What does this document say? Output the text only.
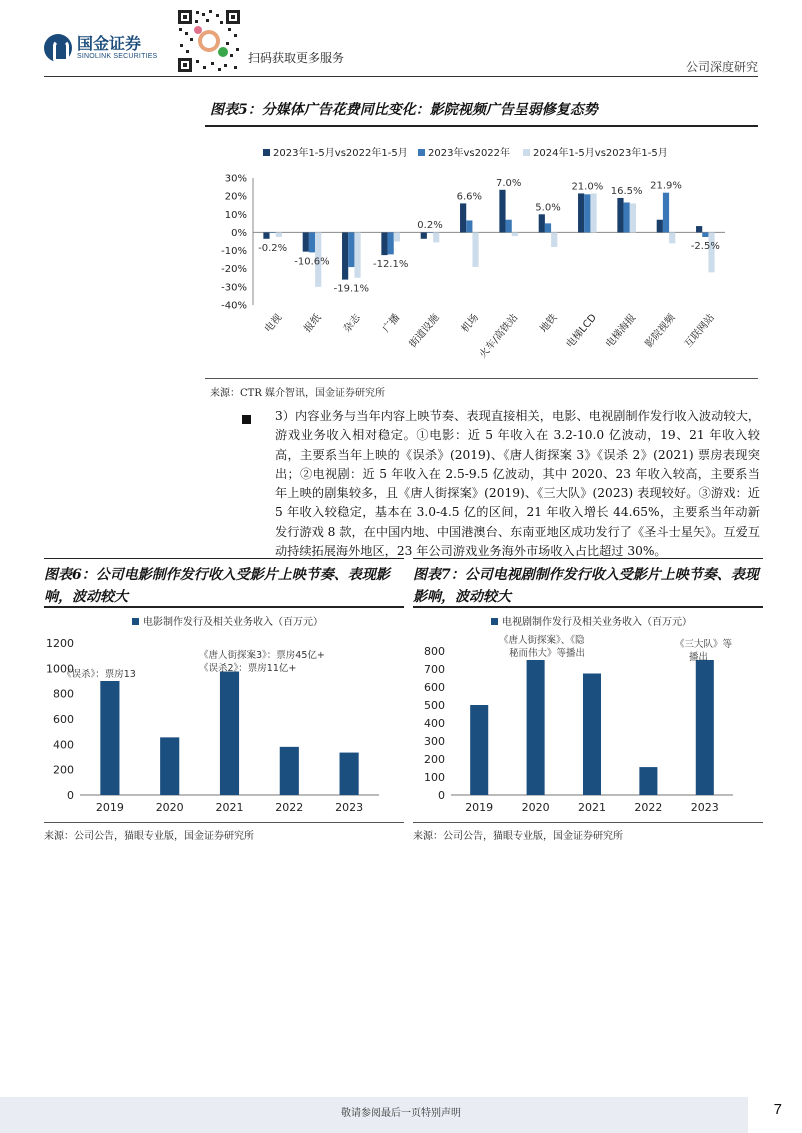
国金证券
SINOLINK SECURITIES	扫码获取更多服务
公司深度研究
图表5：分媒体广告花费同比变化：影院视频广告呈弱修复态势
2023年1-5月vs2022年1-5月 2023年vs2022年 2024年1-5月vs2023年1-5月
30%
20%
10%
0%
-10%
-20%
-30%
-40%
-0.2%
电视
-10.6%
报纸
-19.1%
杂志
-12.1%
广播
0.2%
街道设施
6.6%
机场
7.0%
火车/高铁站
5.0%
地铁
21.0%
电梯LCD
16.5%
电梯海报
21.9%
影院视频
-2.5%
互联网站
来源：CTR 媒介智讯，国金证券研究所
3）内容业务与当年内容上映节奏、表现直接相关，电影、电视剧制作发行收入波动较大，游戏业务收入相对稳定。①电影：近 5 年收入在 3.2-10.0 亿波动，19、21 年收入较高，主要系当年上映的《误杀》(2019)、《唐人街探案 3》《误杀 2》(2021) 票房表现突出；②电视剧：近 5 年收入在 2.5-9.5 亿波动，其中 2020、23 年收入较高，主要系当年上映的剧集较多，且《唐人街探案》(2019)、《三大队》(2023) 表现较好。③游戏：近 5 年收入较稳定，基本在 3.0-4.5 亿的区间，21 年收入增长 44.65%，主要系当年动新发行游戏 8 款，在中国内地、中国港澳台、东南亚地区成功发行了《圣斗士星矢》。互爱互动持续拓展海外地区，23 年公司游戏业务海外市场收入占比超过 30%。
图表6：公司电影制作发行收入受影片上映节奏、表现影响，波动较大
电影制作发行及相关业务收入（百万元）
0
200
400
600
800
1000
1200
2019	2020	2021	2022	2023
《误杀》：票房13
《唐人街探案3》：票房45亿+
《误杀2》：票房11亿+
来源：公司公告，猫眼专业版，国金证券研究所
图表7：公司电视剧制作发行收入受影片上映节奏、表现影响，波动较大
电视剧制作发行及相关业务收入（百万元）
0
100
200
300
400
500
600
700
800
2019	2020	2021	2022	2023
《唐人街探案》、《隐
秘而伟大》等播出
《三大队》等
播出
来源：公司公告，猫眼专业版，国金证券研究所
敬请参阅最后一页特别声明	7
